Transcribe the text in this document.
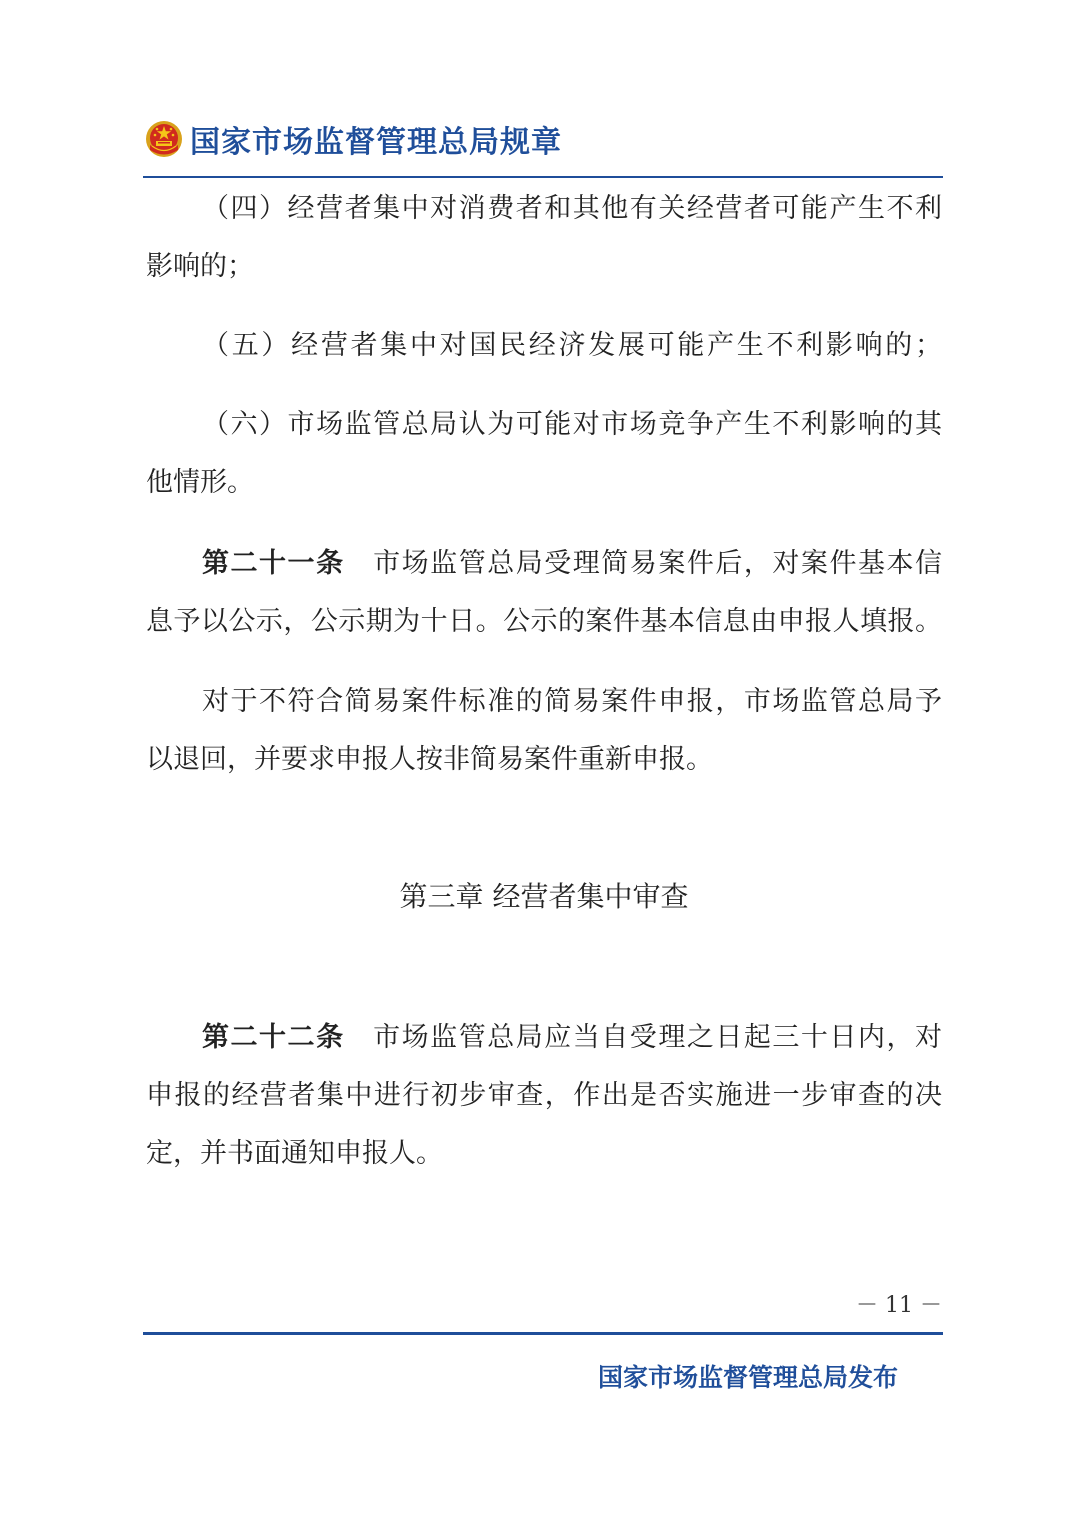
国家市场监督管理总局规章

（四）经营者集中对消费者和其他有关经营者可能产生不利
影响的；

（五）经营者集中对国民经济发展可能产生不利影响的；

（六）市场监管总局认为可能对市场竞争产生不利影响的其
他情形。

第二十一条　市场监管总局受理简易案件后，对案件基本信
息予以公示，公示期为十日。公示的案件基本信息由申报人填报。

对于不符合简易案件标准的简易案件申报，市场监管总局予
以退回，并要求申报人按非简易案件重新申报。

第三章 经营者集中审查

第二十二条　市场监管总局应当自受理之日起三十日内，对
申报的经营者集中进行初步审查，作出是否实施进一步审查的决
定，并书面通知申报人。

－ 11 －
国家市场监督管理总局发布
